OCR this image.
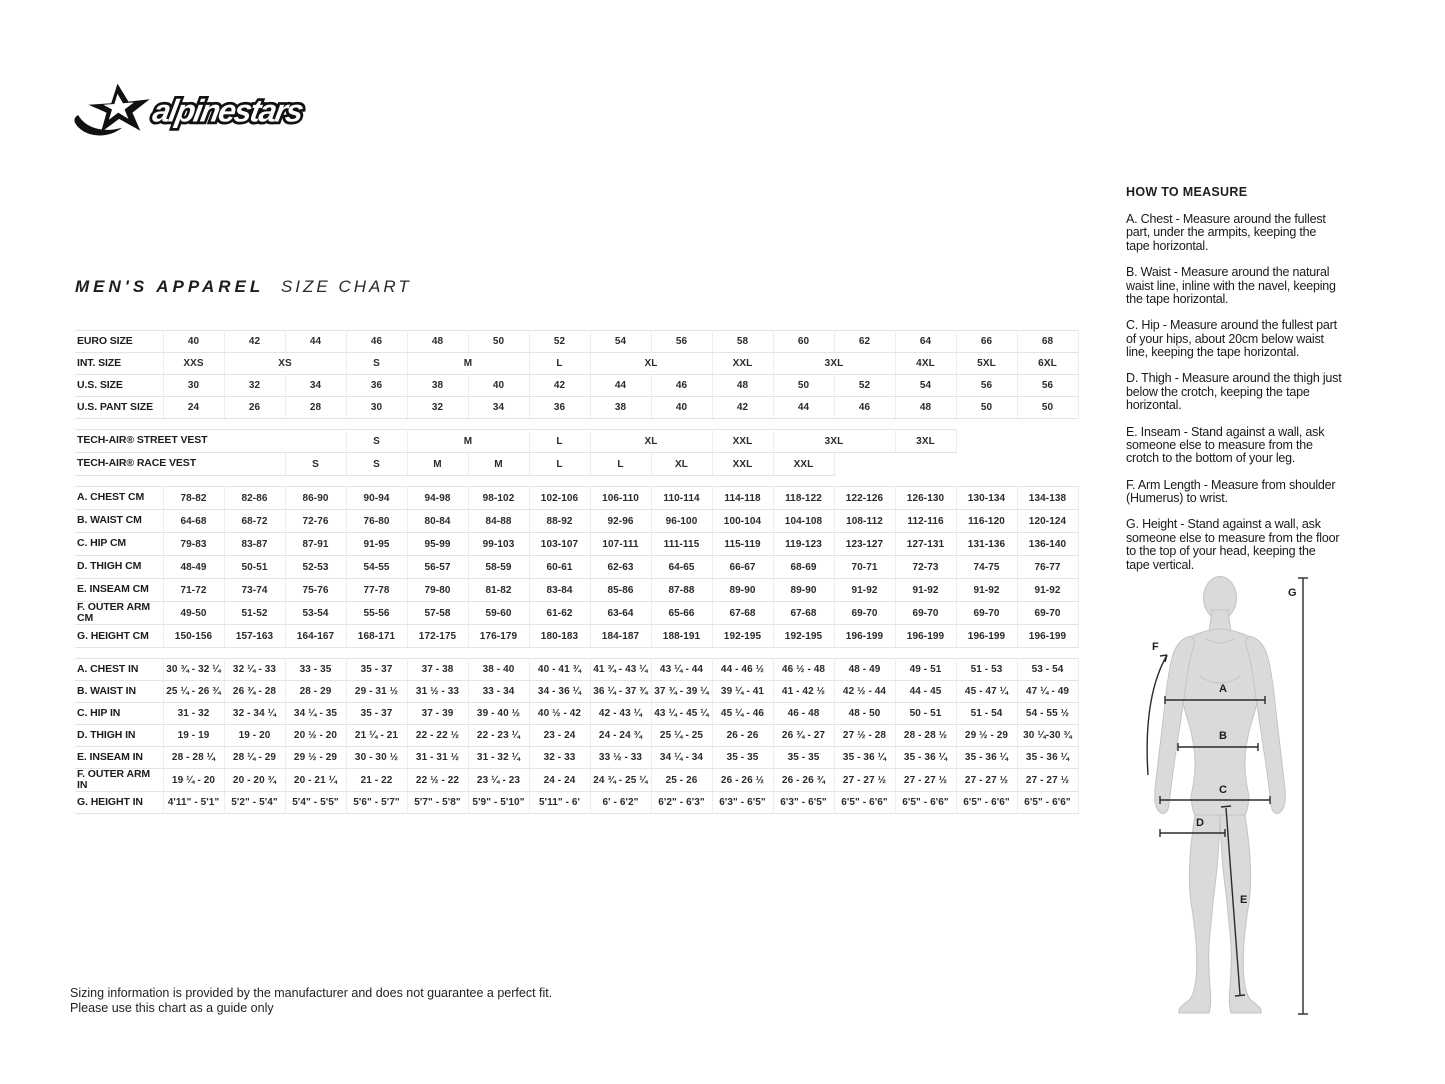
alpinestars
MEN'S APPAREL SIZE CHART
EURO SIZE	40	42	44	46	48	50	52	54	56	58	60	62	64	66	68
INT. SIZE	XXS	XS		S	M		L	XL		XXL	3XL		4XL	5XL	6XL
U.S. SIZE	30	32	34	36	38	40	42	44	46	48	50	52	54	56	56
U.S. PANT SIZE	24	26	28	30	32	34	36	38	40	42	44	46	48	50	50

TECH-AIR® STREET VEST				S	M		L	XL		XXL	3XL		3XL		
TECH-AIR® RACE VEST			S	S	M	M	L	L	XL	XXL	XXL				

A. CHEST CM	78-82	82-86	86-90	90-94	94-98	98-102	102-106	106-110	110-114	114-118	118-122	122-126	126-130	130-134	134-138
B. WAIST CM	64-68	68-72	72-76	76-80	80-84	84-88	88-92	92-96	96-100	100-104	104-108	108-112	112-116	116-120	120-124
C. HIP CM	79-83	83-87	87-91	91-95	95-99	99-103	103-107	107-111	111-115	115-119	119-123	123-127	127-131	131-136	136-140
D. THIGH CM	48-49	50-51	52-53	54-55	56-57	58-59	60-61	62-63	64-65	66-67	68-69	70-71	72-73	74-75	76-77
E. INSEAM CM	71-72	73-74	75-76	77-78	79-80	81-82	83-84	85-86	87-88	89-90	89-90	91-92	91-92	91-92	91-92
F. OUTER ARM CM	49-50	51-52	53-54	55-56	57-58	59-60	61-62	63-64	65-66	67-68	67-68	69-70	69-70	69-70	69-70
G. HEIGHT CM	150-156	157-163	164-167	168-171	172-175	176-179	180-183	184-187	188-191	192-195	192-195	196-199	196-199	196-199	196-199

A. CHEST IN	30 ¾ - 32 ¼	32 ¼ - 33	33 - 35	35 - 37	37 - 38	38 - 40	40 - 41 ¾	41 ¾ - 43 ¼	43 ¼ - 44	44 - 46 ½	46 ½ - 48	48 - 49	49 - 51	51 - 53	53 - 54
B. WAIST IN	25 ¼ - 26 ¾	26 ¾ - 28	28 - 29	29 - 31 ½	31 ½ - 33	33 - 34	34 - 36 ¼	36 ¼ - 37 ¾	37 ¾ - 39 ¼	39 ¼ - 41	41 - 42 ½	42 ½ - 44	44 - 45	45 - 47 ¼	47 ¼ - 49
C. HIP IN	31 - 32	32 - 34 ¼	34 ¼ - 35	35 - 37	37 - 39	39 - 40 ½	40 ½ - 42	42 - 43 ¼	43 ¼ - 45 ¼	45 ¼ - 46	46 - 48	48 - 50	50 - 51	51 - 54	54 - 55 ½
D. THIGH IN	19 - 19	19 - 20	20 ½ - 20	21 ¼ - 21	22 - 22 ½	22 - 23 ¼	23 - 24	24 - 24 ¾	25 ¼ - 25	26 - 26	26 ¾ - 27	27 ½ - 28	28 - 28 ½	29 ½ - 29	30 ¼-30 ¾
E. INSEAM IN	28 - 28 ¼	28 ¼ - 29	29 ½ - 29	30 - 30 ½	31 - 31 ½	31 - 32 ¼	32 - 33	33 ½ - 33	34 ¼ - 34	35 - 35	35 - 35	35 - 36 ¼	35 - 36 ¼	35 - 36 ¼	35 - 36 ¼
F. OUTER ARM IN	19 ¼ - 20	20 - 20 ¾	20 - 21 ¼	21 - 22	22 ½ - 22	23 ¼ - 23	24 - 24	24 ¾ - 25 ¼	25 - 26	26 - 26 ½	26 - 26 ¾	27 - 27 ½	27 - 27 ½	27 - 27 ½	27 - 27 ½
G. HEIGHT IN	4'11" - 5'1"	5'2" - 5'4"	5'4" - 5'5"	5'6" - 5'7"	5'7" - 5'8"	5'9" - 5'10"	5'11" - 6'	6' - 6'2"	6'2" - 6'3"	6'3" - 6'5"	6'3" - 6'5"	6'5" - 6'6"	6'5" - 6'6"	6'5" - 6'6"	6'5" - 6'6"
HOW TO MEASURE

A. Chest - Measure around the fullest part, under the armpits, keeping the tape horizontal.

B. Waist - Measure around the natural waist line, inline with the navel, keeping the tape horizontal.

C. Hip - Measure around the fullest part of your hips, about 20cm below waist line, keeping the tape horizontal.

D. Thigh - Measure around the thigh just below the crotch, keeping the tape horizontal.

E. Inseam - Stand against a wall, ask someone else to measure from the crotch to the bottom of your leg.

F. Arm Length - Measure from shoulder (Humerus) to wrist.

G. Height - Stand against a wall, ask someone else to measure from the floor to the top of your head, keeping the tape vertical.

A
B
C
D
E
F
G
Sizing information is provided by the manufacturer and does not guarantee a perfect fit.
Please use this chart as a guide only
